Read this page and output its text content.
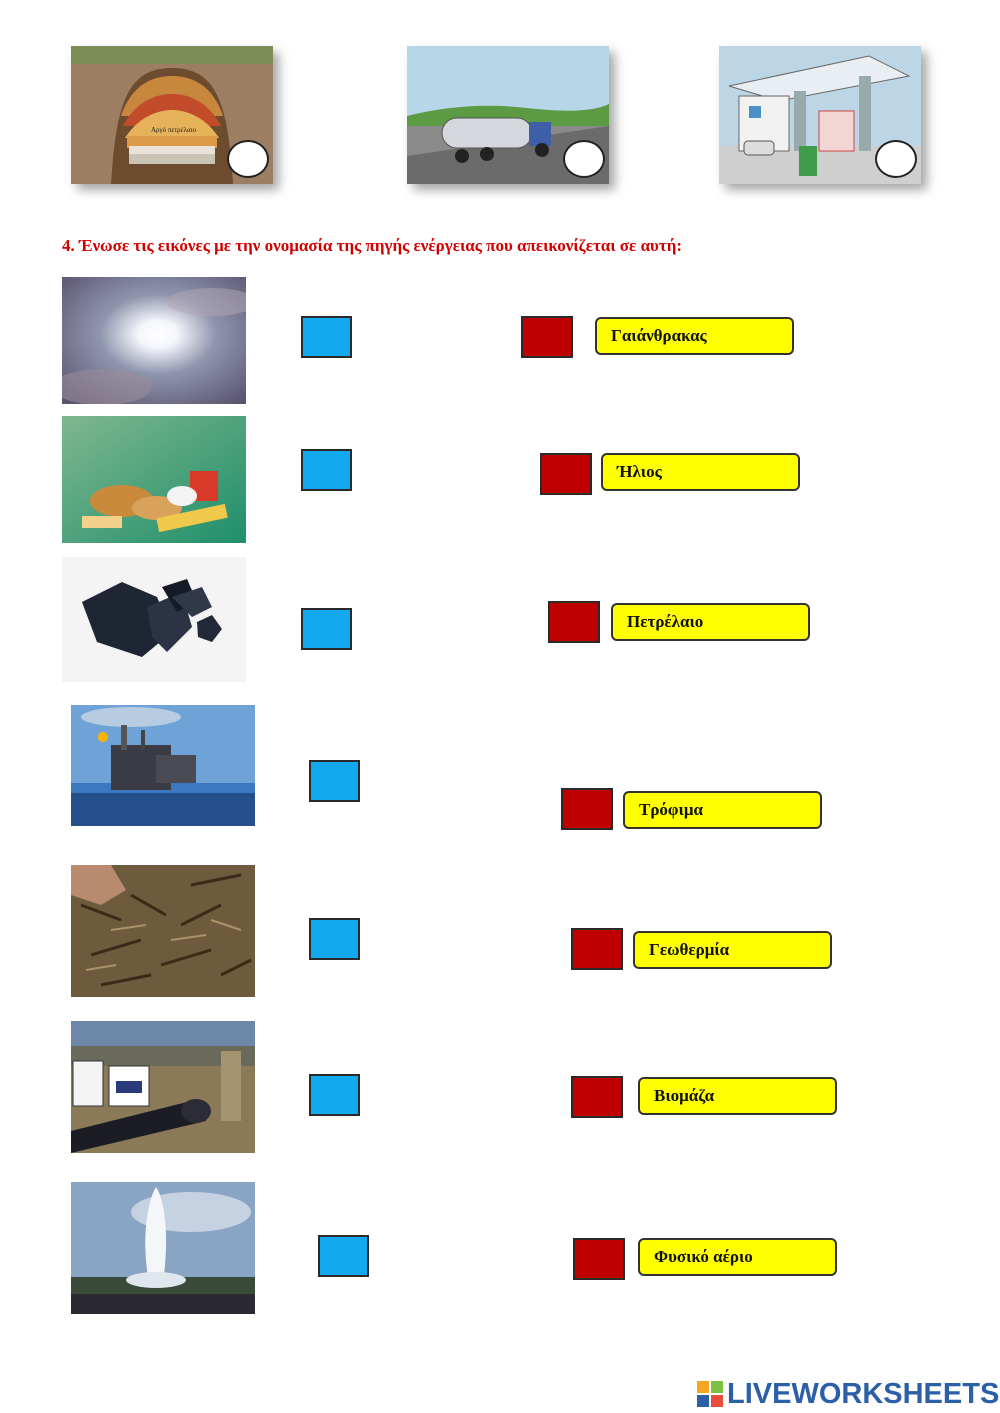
Αργό πετρέλαιο
4. Ένωσε τις εικόνες με την ονομασία της πηγής ενέργειας που απεικονίζεται σε αυτή:
Γαιάνθρακας
Ήλιος
Πετρέλαιο
Τρόφιμα
Γεωθερμία
Βιομάζα
Φυσικό αέριο
LIVEWORKSHEETS
